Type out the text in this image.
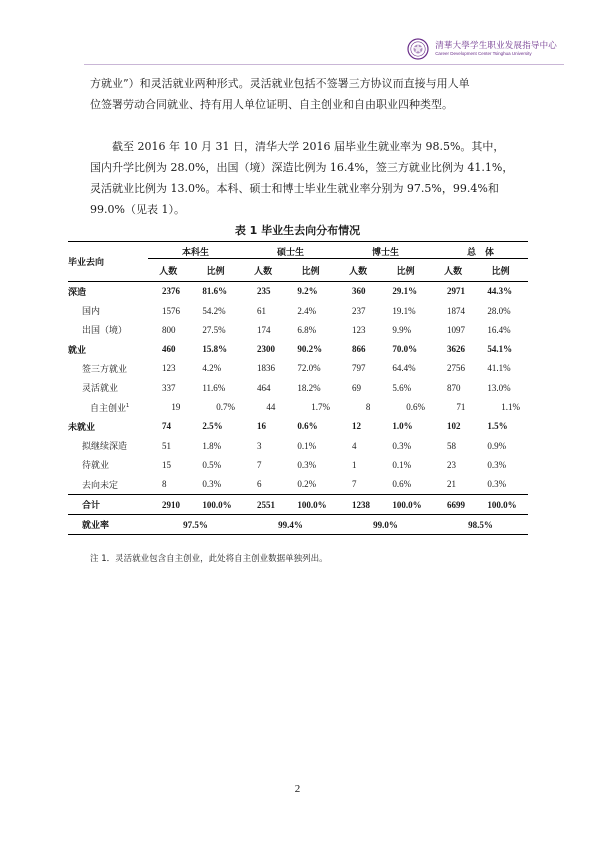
清華大學学生职业发展指导中心
Career Development Center Tsinghua University

方就业”）和灵活就业两种形式。灵活就业包括不签署三方协议而直接与用人单

位签署劳动合同就业、持有用人单位证明、自主创业和自由职业四种类型。

截至 2016 年 10 月 31 日，清华大学 2016 届毕业生就业率为 98.5%。其中，

国内升学比例为 28.0%，出国（境）深造比例为 16.4%，签三方就业比例为 41.1%，

灵活就业比例为 13.0%。本科、硕士和博士毕业生就业率分别为 97.5%，99.4%和

99.0%（见表 1）。

表 1 毕业生去向分布情况
毕业去向	本科生		硕士生		博士生		总　体	

	人数	比例	人数	比例	人数	比例	人数	比例
深造	2376	81.6%	235	9.2%	360	29.1%	2971	44.3%
国内	1576	54.2%	61	2.4%	237	19.1%	1874	28.0%
出国（境）	800	27.5%	174	6.8%	123	9.9%	1097	16.4%
就业	460	15.8%	2300	90.2%	866	70.0%	3626	54.1%
签三方就业	123	4.2%	1836	72.0%	797	64.4%	2756	41.1%
灵活就业	337	11.6%	464	18.2%	69	5.6%	870	13.0%
自主创业$^1$	19	0.7%	44	1.7%	8	0.6%	71	1.1%
未就业	74	2.5%	16	0.6%	12	1.0%	102	1.5%
拟继续深造	51	1.8%	3	0.1%	4	0.3%	58	0.9%
待就业	15	0.5%	7	0.3%	1	0.1%	23	0.3%
去向未定	8	0.3%	6	0.2%	7	0.6%	21	0.3%
合计	2910	100.0%	2551	100.0%	1238	100.0%	6699	100.0%
就业率	97.5%		99.4%		99.0%		98.5%	
注 1．灵活就业包含自主创业，此处将自主创业数据单独列出。
2
